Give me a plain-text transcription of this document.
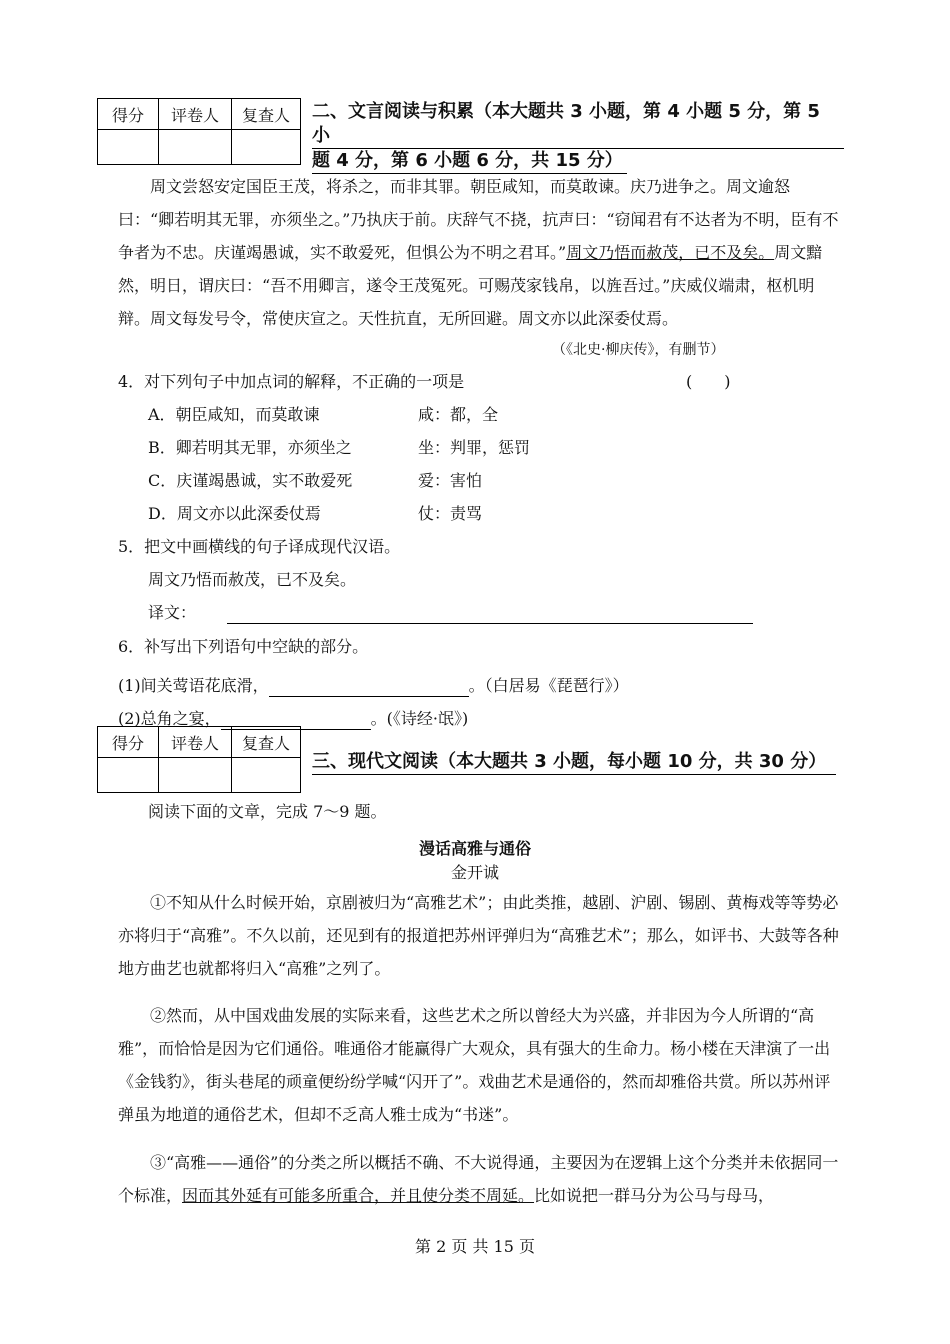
得分	评卷人	复查人
		二、文言阅读与积累（本大题共 3 小题，第 4 小题 5 分，第 5 小
题 4 分，第 6 小题 6 分，共 15 分）

周文尝怒安定国臣王茂，将杀之，而非其罪。朝臣咸知，而莫敢谏。庆乃进争之。周文逾怒曰：“卿若明其无罪，亦须坐之。”乃执庆于前。庆辞气不挠，抗声曰：“窃闻君有不达者为不明，臣有不争者为不忠。庆谨竭愚诚，实不敢爱死，但惧公为不明之君耳。”周文乃悟而赦茂，已不及矣。周文黯然，明日，谓庆曰：“吾不用卿言，遂令王茂冤死。可赐茂家钱帛，以旌吾过。”庆威仪端肃，枢机明辩。周文每发号令，常使庆宣之。天性抗直，无所回避。周文亦以此深委仗焉。

（《北史·柳庆传》，有删节）
4．对下列句子中加点词的解释，不正确的一项是	(　　)
A．朝臣咸知，而莫敢谏	咸：都，全
B．卿若明其无罪，亦须坐之	坐：判罪，惩罚
C．庆谨竭愚诚，实不敢爱死	爱：害怕
D．周文亦以此深委仗焉	仗：责骂
5．把文中画横线的句子译成现代汉语。
周文乃悟而赦茂，已不及矣。
译文：
6．补写出下列语句中空缺的部分。
(1)间关莺语花底滑，	。（白居易《琵琶行》）
(2)总角之宴，	。(《诗经·氓》)
得分	评卷人	复查人

三、现代文阅读（本大题共 3 小题，每小题 10 分，共 30 分）
阅读下面的文章，完成 7～9 题。
漫话高雅与通俗
金开诚

①不知从什么时候开始，京剧被归为“高雅艺术”；由此类推，越剧、沪剧、锡剧、黄梅戏等等势必亦将归于“高雅”。不久以前，还见到有的报道把苏州评弹归为“高雅艺术”；那么，如评书、大鼓等各种地方曲艺也就都将归入“高雅”之列了。

②然而，从中国戏曲发展的实际来看，这些艺术之所以曾经大为兴盛，并非因为今人所谓的“高雅”，而恰恰是因为它们通俗。唯通俗才能赢得广大观众，具有强大的生命力。杨小楼在天津演了一出《金钱豹》，街头巷尾的顽童便纷纷学喊“闪开了”。戏曲艺术是通俗的，然而却雅俗共赏。所以苏州评弹虽为地道的通俗艺术，但却不乏高人雅士成为“书迷”。

③“高雅——通俗”的分类之所以概括不确、不大说得通，主要因为在逻辑上这个分类并未依据同一个标准，因而其外延有可能多所重合，并且使分类不周延。比如说把一群马分为公马与母马，

第 2 页 共 15 页
